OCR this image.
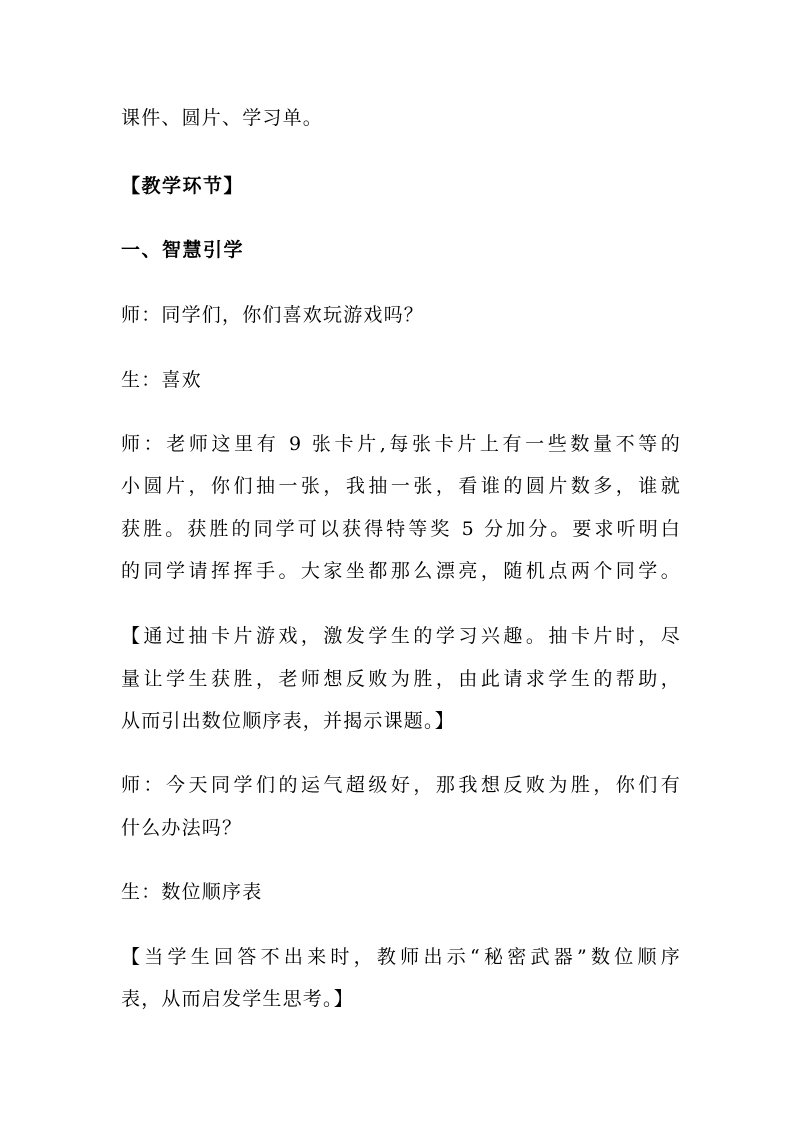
课件、圆片、学习单。
【教学环节】
一、智慧引学
师：同学们，你们喜欢玩游戏吗？
生：喜欢
师：老师这里有 9 张卡片,每张卡片上有一些数量不等的
小圆片，你们抽一张，我抽一张，看谁的圆片数多，谁就
获胜。获胜的同学可以获得特等奖 5 分加分。要求听明白
的同学请挥挥手。大家坐都那么漂亮，随机点两个同学。
【通过抽卡片游戏，激发学生的学习兴趣。抽卡片时，尽
量让学生获胜，老师想反败为胜，由此请求学生的帮助，
从而引出数位顺序表，并揭示课题。】
师：今天同学们的运气超级好，那我想反败为胜，你们有
什么办法吗？
生：数位顺序表
【当学生回答不出来时，教师出示“秘密武器”数位顺序
表，从而启发学生思考。】
